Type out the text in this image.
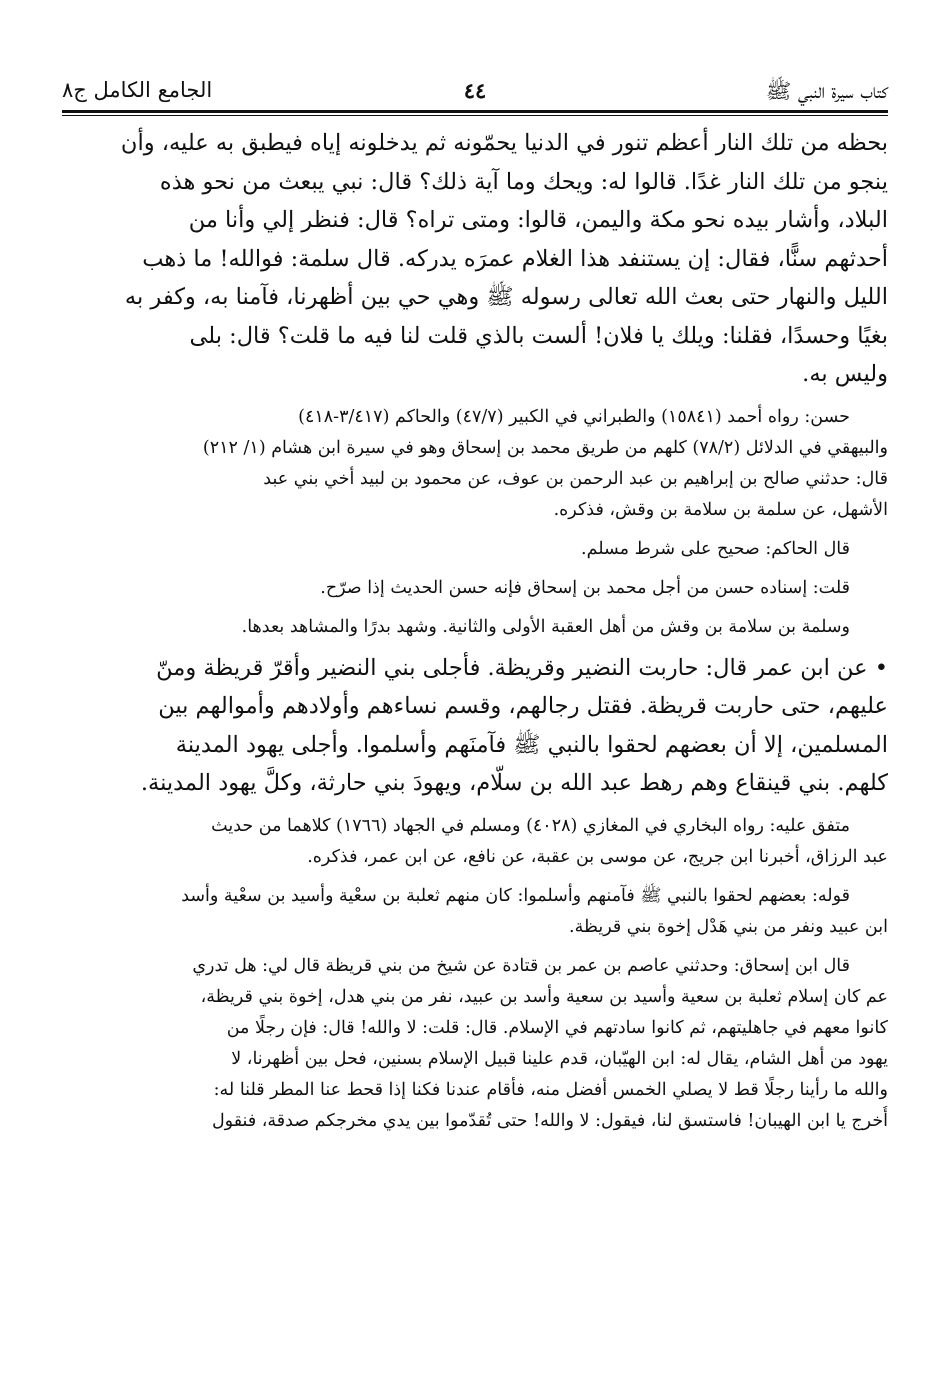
كتاب سيرة النبي ﷺ
٤٤
الجامع الكامل ج٨
بحظه من تلك النار أعظم تنور في الدنيا يحمّونه ثم يدخلونه إياه فيطبق به عليه، وأن
ينجو من تلك النار غدًا. قالوا له: ويحك وما آية ذلك؟ قال: نبي يبعث من نحو هذه
البلاد، وأشار بيده نحو مكة واليمن، قالوا: ومتى تراه؟ قال: فنظر إلي وأنا من
أحدثهم سنًّا، فقال: إن يستنفد هذا الغلام عمرَه يدركه. قال سلمة: فوالله! ما ذهب
الليل والنهار حتى بعث الله تعالى رسوله ﷺ وهي حي بين أظهرنا، فآمنا به، وكفر به
بغيًا وحسدًا، فقلنا: ويلك يا فلان! ألست بالذي قلت لنا فيه ما قلت؟ قال: بلى
وليس به.
حسن: رواه أحمد (١٥٨٤١) والطبراني في الكبير (٤٧/٧) والحاكم (٣/٤١٧-٤١٨)
والبيهقي في الدلائل (٧٨/٢) كلهم من طريق محمد بن إسحاق وهو في سيرة ابن هشام (١/ ٢١٢)
قال: حدثني صالح بن إبراهيم بن عبد الرحمن بن عوف، عن محمود بن لبيد أخي بني عبد
الأشهل، عن سلمة بن سلامة بن وقش، فذكره.
قال الحاكم: صحيح على شرط مسلم.
قلت: إسناده حسن من أجل محمد بن إسحاق فإنه حسن الحديث إذا صرّح.
وسلمة بن سلامة بن وقش من أهل العقبة الأولى والثانية. وشهد بدرًا والمشاهد بعدها.
• عن ابن عمر قال: حاربت النضير وقريظة. فأجلى بني النضير وأقرّ قريظة ومنّ
عليهم، حتى حاربت قريظة. فقتل رجالهم، وقسم نساءهم وأولادهم وأموالهم بين
المسلمين، إلا أن بعضهم لحقوا بالنبي ﷺ فآمنَهم وأسلموا. وأجلى يهود المدينة
كلهم. بني قينقاع وهم رهط عبد الله بن سلّام، ويهودَ بني حارثة، وكلَّ يهود المدينة.
متفق عليه: رواه البخاري في المغازي (٤٠٢٨) ومسلم في الجهاد (١٧٦٦) كلاهما من حديث
عبد الرزاق، أخبرنا ابن جريج، عن موسى بن عقبة، عن نافع، عن ابن عمر، فذكره.
قوله: بعضهم لحقوا بالنبي ﷺ فآمنهم وأسلموا: كان منهم ثعلبة بن سعْية وأسيد بن سعْية وأسد
ابن عبيد ونفر من بني هَدْل إخوة بني قريظة.
قال ابن إسحاق: وحدثني عاصم بن عمر بن قتادة عن شيخ من بني قريظة قال لي: هل تدري
عم كان إسلام ثعلبة بن سعية وأسيد بن سعية وأسد بن عبيد، نفر من بني هدل، إخوة بني قريظة،
كانوا معهم في جاهليتهم، ثم كانوا سادتهم في الإسلام. قال: قلت: لا والله! قال: فإن رجلًا من
يهود من أهل الشام، يقال له: ابن الهيّبان، قدم علينا قبيل الإسلام بسنين، فحل بين أظهرنا، لا
والله ما رأينا رجلًا قط لا يصلي الخمس أفضل منه، فأقام عندنا فكنا إذا قحط عنا المطر قلنا له:
أُخرج يا ابن الهيبان! فاستسق لنا، فيقول: لا والله! حتى تُقدّموا بين يدي مخرجكم صدقة، فنقول
